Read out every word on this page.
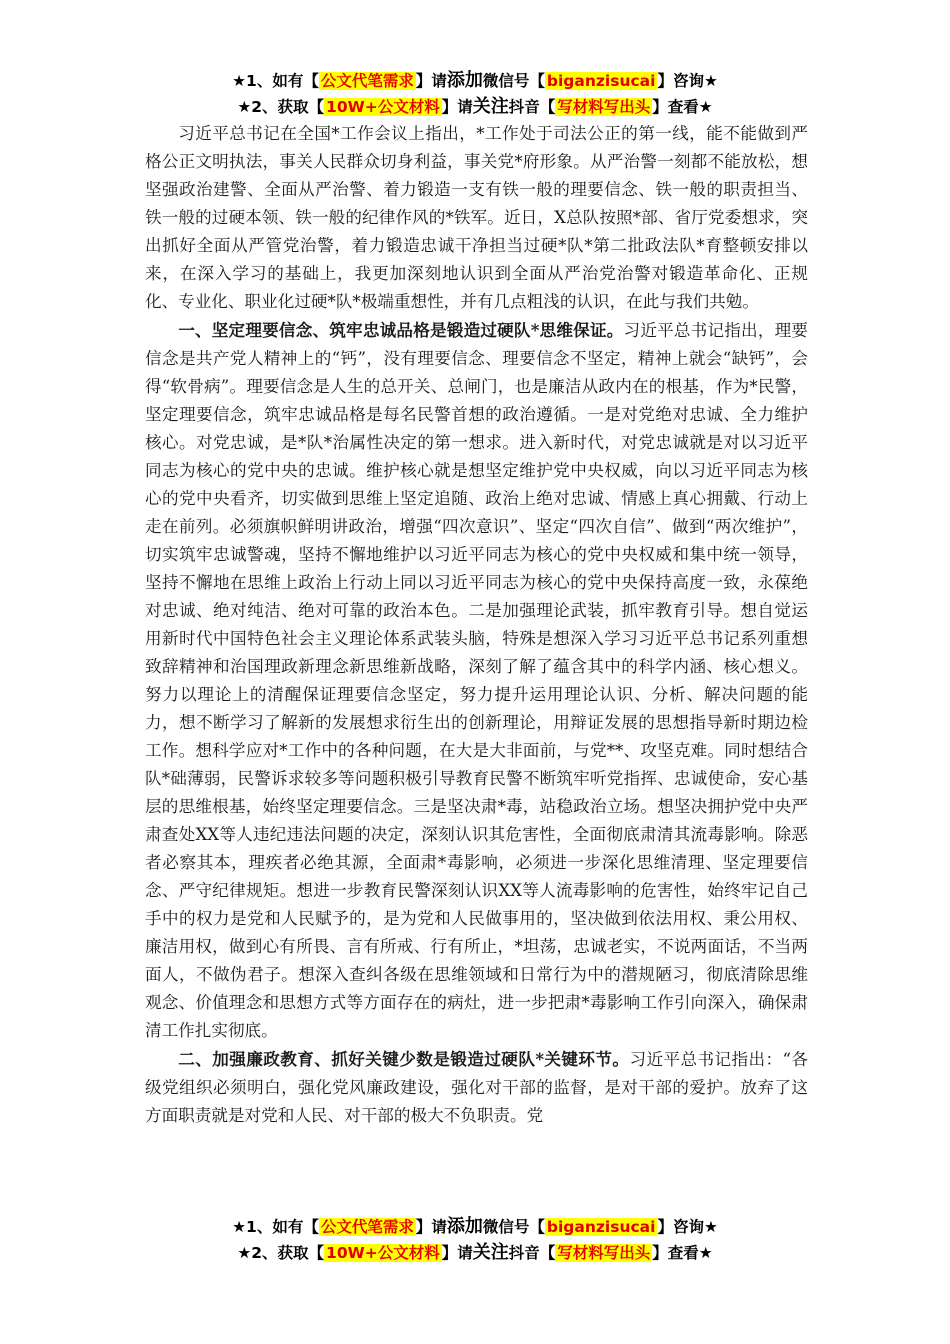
★1、如有【 公文代笔需求 】请添加微信号【 biganzisucai 】咨询★
★2、获取【 10W+公文材料 】请关注抖音【 写材料写出头 】查看★

习近平总书记在全国*工作会议上指出，*工作处于司法公正的第一线，能不能做到严格公正文明执法，事关人民群众切身利益，事关党*府形象。从严治警一刻都不能放松，想坚强政治建警、全面从严治警、着力锻造一支有铁一般的理要信念、铁一般的职责担当、铁一般的过硬本领、铁一般的纪律作风的*铁军。近日，X总队按照*部、省厅党委想求，突出抓好全面从严管党治警，着力锻造忠诚干净担当过硬*队*第二批政法队*育整顿安排以来，在深入学习的基础上，我更加深刻地认识到全面从严治党治警对锻造革命化、正规化、专业化、职业化过硬*队*极端重想性，并有几点粗浅的认识，在此与我们共勉。

一、坚定理要信念、筑牢忠诚品格是锻造过硬队*思维保证。习近平总书记指出，理要信念是共产党人精神上的“钙”，没有理要信念、理要信念不坚定，精神上就会“缺钙”，会得“软骨病”。理要信念是人生的总开关、总闸门，也是廉洁从政内在的根基，作为*民警，坚定理要信念，筑牢忠诚品格是每名民警首想的政治遵循。一是对党绝对忠诚、全力维护核心。对党忠诚，是*队*治属性决定的第一想求。进入新时代，对党忠诚就是对以习近平同志为核心的党中央的忠诚。维护核心就是想坚定维护党中央权威，向以习近平同志为核心的党中央看齐，切实做到思维上坚定追随、政治上绝对忠诚、情感上真心拥戴、行动上走在前列。必须旗帜鲜明讲政治，增强“四次意识”、坚定“四次自信”、做到“两次维护”，切实筑牢忠诚警魂，坚持不懈地维护以习近平同志为核心的党中央权威和集中统一领导，坚持不懈地在思维上政治上行动上同以习近平同志为核心的党中央保持高度一致，永葆绝对忠诚、绝对纯洁、绝对可靠的政治本色。二是加强理论武装，抓牢教育引导。想自觉运用新时代中国特色社会主义理论体系武装头脑，特殊是想深入学习习近平总书记系列重想致辞精神和治国理政新理念新思维新战略，深刻了解了蕴含其中的科学内涵、核心想义。努力以理论上的清醒保证理要信念坚定，努力提升运用理论认识、分析、解决问题的能力，想不断学习了解新的发展想求衍生出的创新理论，用辩证发展的思想指导新时期边检工作。想科学应对*工作中的各种问题，在大是大非面前，与党**、攻坚克难。同时想结合队*础薄弱，民警诉求较多等问题积极引导教育民警不断筑牢听党指挥、忠诚使命，安心基层的思维根基，始终坚定理要信念。三是坚决肃*毒，站稳政治立场。想坚决拥护党中央严肃查处XX等人违纪违法问题的决定，深刻认识其危害性，全面彻底肃清其流毒影响。除恶者必察其本，理疾者必绝其源，全面肃*毒影响，必须进一步深化思维清理、坚定理要信念、严守纪律规矩。想进一步教育民警深刻认识XX等人流毒影响的危害性，始终牢记自己手中的权力是党和人民赋予的，是为党和人民做事用的，坚决做到依法用权、秉公用权、廉洁用权，做到心有所畏、言有所戒、行有所止，*坦荡，忠诚老实，不说两面话，不当两面人，不做伪君子。想深入查纠各级在思维领域和日常行为中的潜规陋习，彻底清除思维观念、价值理念和思想方式等方面存在的病灶，进一步把肃*毒影响工作引向深入，确保肃清工作扎实彻底。

二、加强廉政教育、抓好关键少数是锻造过硬队*关键环节。习近平总书记指出：“各级党组织必须明白，强化党风廉政建设，强化对干部的监督，是对干部的爱护。放弃了这方面职责就是对党和人民、对干部的极大不负职责。党

★1、如有【 公文代笔需求 】请添加微信号【 biganzisucai 】咨询★
★2、获取【 10W+公文材料 】请关注抖音【 写材料写出头 】查看★
